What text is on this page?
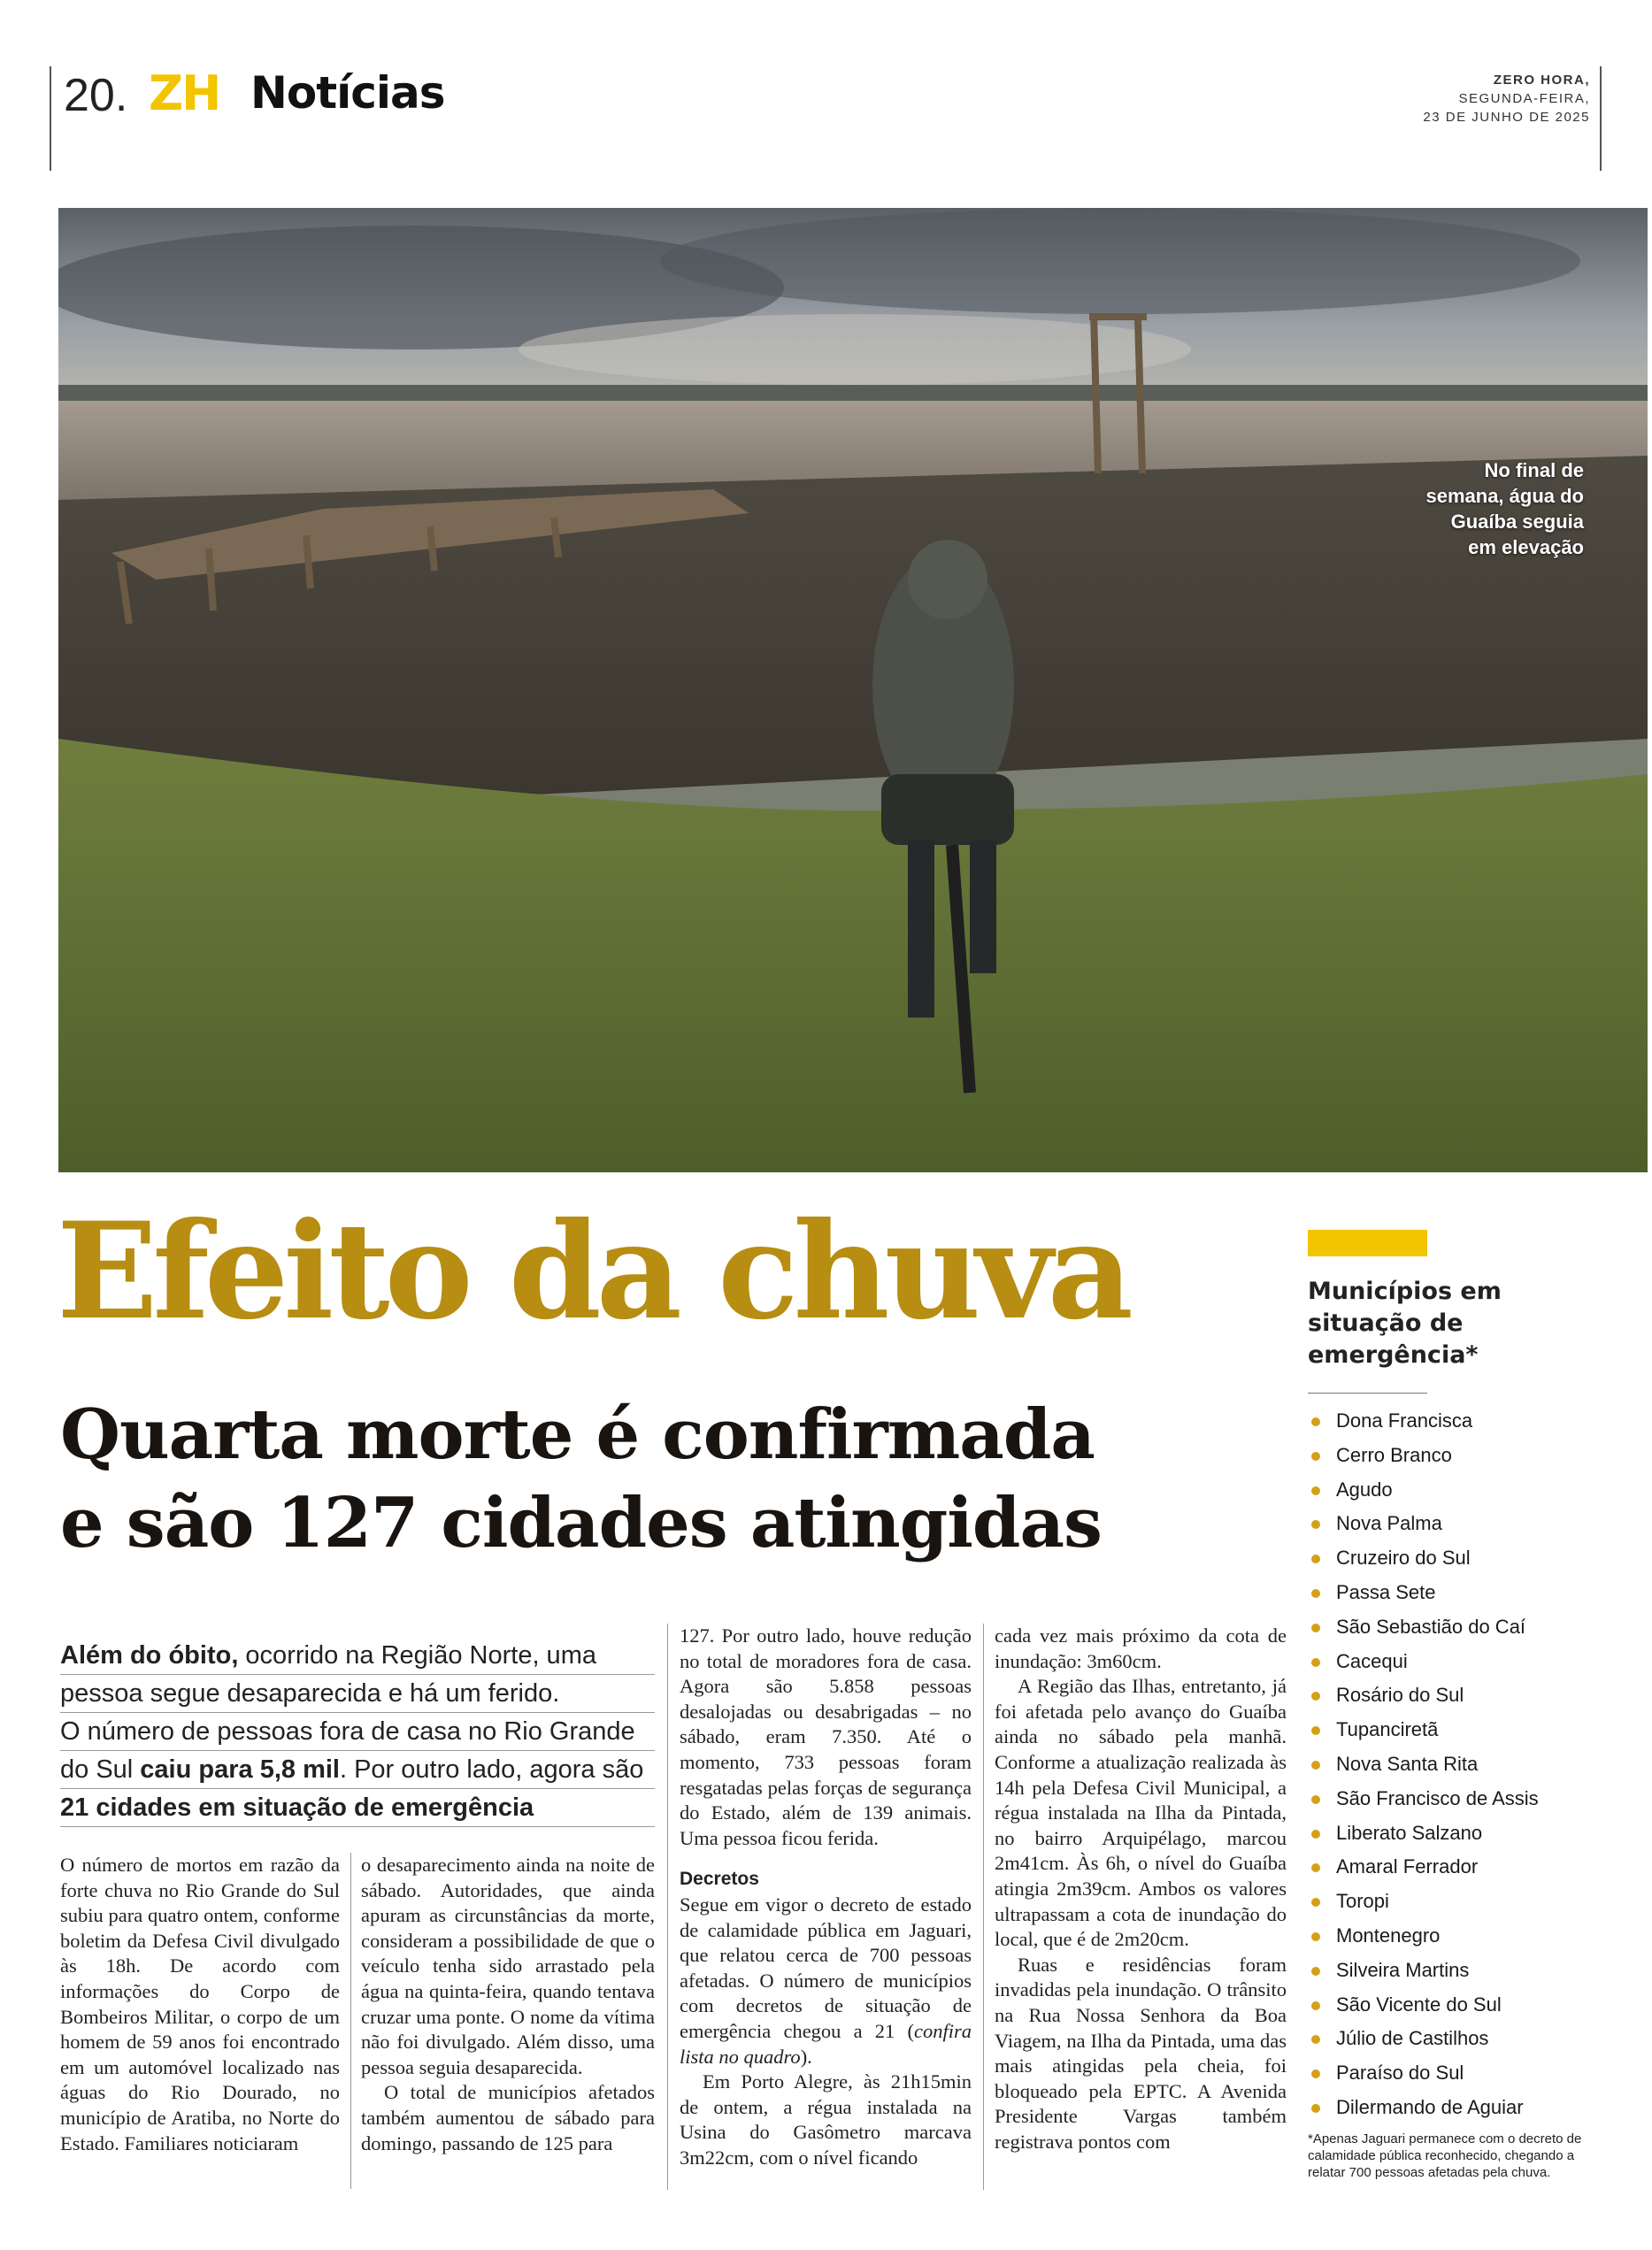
20. ZH Notícias	ZERO HORA,
SEGUNDA-FEIRA,
23 DE JUNHO DE 2025
No final de
semana, água do
Guaíba seguia
em elevação
Efeito da chuva
Quarta morte é confirmada
e são 127 cidades atingidas
Além do óbito, ocorrido na Região Norte, uma
pessoa segue desaparecida e há um ferido.
O número de pessoas fora de casa no Rio Grande
do Sul caiu para 5,8 mil. Por outro lado, agora são
21 cidades em situação de emergência

O número de mortos em razão da forte chuva no Rio Grande do Sul subiu para quatro ontem, conforme boletim da Defesa Civil divulgado às 18h. De acordo com informações do Corpo de Bombeiros Militar, o corpo de um homem de 59 anos foi encontrado em um automóvel localizado nas águas do Rio Dourado, no município de Aratiba, no Norte do Estado. Familiares noticiaram

o desaparecimento ainda na noite de sábado. Autoridades, que ainda apuram as circunstâncias da morte, consideram a possibilidade de que o veículo tenha sido arrastado pela água na quinta-feira, quando tentava cruzar uma ponte. O nome da vítima não foi divulgado. Além disso, uma pessoa seguia desaparecida.

O total de municípios afetados também aumentou de sábado para domingo, passando de 125 para

127. Por outro lado, houve redução no total de moradores fora de casa. Agora são 5.858 pessoas desalojadas ou desabrigadas – no sábado, eram 7.350. Até o momento, 733 pessoas foram resgatadas pelas forças de segurança do Estado, além de 139 animais. Uma pessoa ficou ferida.

Decretos

Segue em vigor o decreto de estado de calamidade pública em Jaguari, que relatou cerca de 700 pessoas afetadas. O número de municípios com decretos de situação de emergência chegou a 21 (confira lista no quadro).

Em Porto Alegre, às 21h15min de ontem, a régua instalada na Usina do Gasômetro marcava 3m22cm, com o nível ficando

cada vez mais próximo da cota de inundação: 3m60cm.

A Região das Ilhas, entretanto, já foi afetada pelo avanço do Guaíba ainda no sábado pela manhã. Conforme a atualização realizada às 14h pela Defesa Civil Municipal, a régua instalada na Ilha da Pintada, no bairro Arquipélago, marcou 2m41cm. Às 6h, o nível do Guaíba atingia 2m39cm. Ambos os valores ultrapassam a cota de inundação do local, que é de 2m20cm.

Ruas e residências foram invadidas pela inundação. O trânsito na Rua Nossa Senhora da Boa Viagem, na Ilha da Pintada, uma das mais atingidas pela cheia, foi bloqueado pela EPTC. A Avenida Presidente Vargas também registrava pontos com

Municípios em
situação de
emergência*
Dona Francisca
Cerro Branco
Agudo
Nova Palma
Cruzeiro do Sul
Passa Sete
São Sebastião do Caí
Cacequi
Rosário do Sul
Tupanciretã
Nova Santa Rita
São Francisco de Assis
Liberato Salzano
Amaral Ferrador
Toropi
Montenegro
Silveira Martins
São Vicente do Sul
Júlio de Castilhos
Paraíso do Sul
Dilermando de Aguiar
*Apenas Jaguari permanece com o decreto de calamidade pública reconhecido, chegando a relatar 700 pessoas afetadas pela chuva.
